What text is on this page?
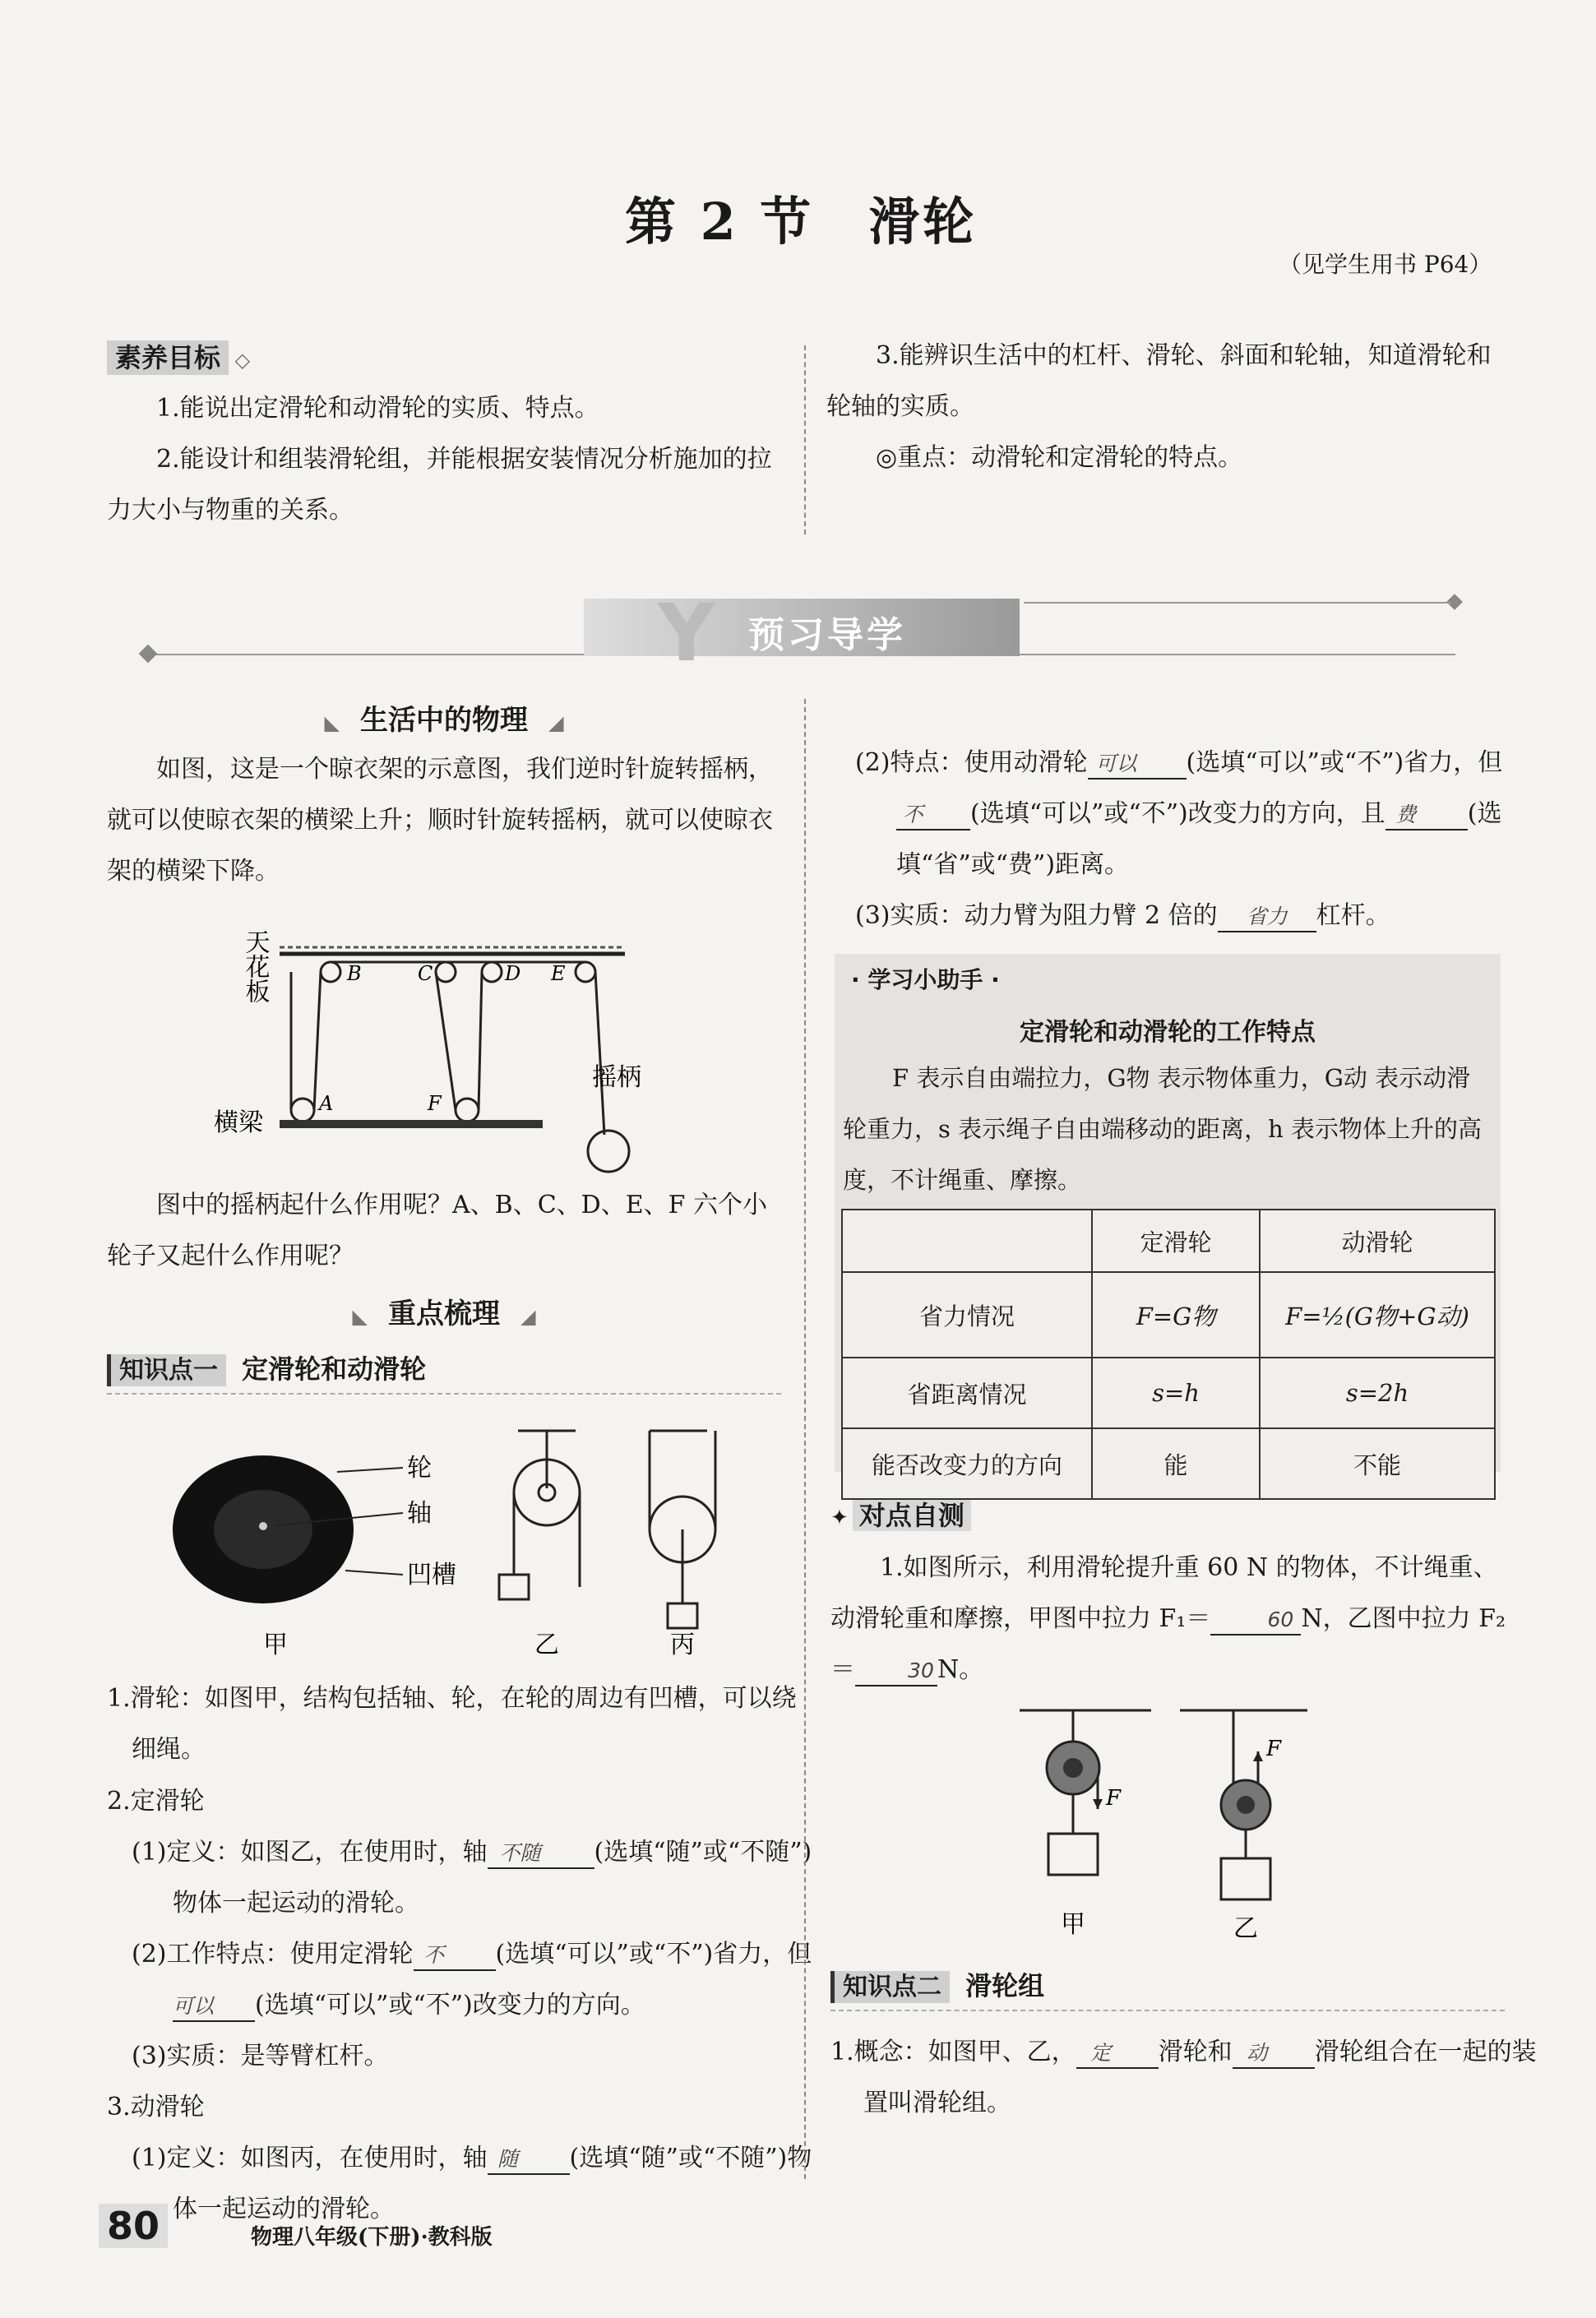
第 2 节　滑轮
（见学生用书 P64）
素养目标 ◇
1.能说出定滑轮和动滑轮的实质、特点。
2.能设计和组装滑轮组，并能根据安装情况分析施加的拉力大小与物重的关系。
3.能辨识生活中的杠杆、滑轮、斜面和轮轴，知道滑轮和轮轴的实质。
◎重点：动滑轮和定滑轮的特点。
Y 预习导学
◣ 生活中的物理 ◢
如图，这是一个晾衣架的示意图，我们逆时针旋转摇柄，就可以使晾衣架的横梁上升；顺时针旋转摇柄，就可以使晾衣架的横梁下降。
天花板
横梁
摇柄
B	C	D E
A	F
图中的摇柄起什么作用呢？A、B、C、D、E、F 六个小轮子又起什么作用呢？
◣ 重点梳理 ◢
知识点一 定滑轮和动滑轮
轮
轴
凹槽
甲	乙	丙
1.滑轮：如图甲，结构包括轴、轮，在轮的周边有凹槽，可以绕细绳。
2.定滑轮
(1)定义：如图乙，在使用时，轴 不随 (选填“随”或“不随”)物体一起运动的滑轮。
(2)工作特点：使用定滑轮 不 (选填“可以”或“不”)省力，但可以 (选填“可以”或“不”)改变力的方向。
(3)实质：是等臂杠杆。
3.动滑轮
(1)定义：如图丙，在使用时，轴 随 (选填“随”或“不随”)物体一起运动的滑轮。
(2)特点：使用动滑轮 可以 (选填“可以”或“不”)省力，但不 (选填“可以”或“不”)改变力的方向，且 费 (选填“省”或“费”)距离。
(3)实质：动力臂为阻力臂 2 倍的 省力 杠杆。
· 学习小助手 ·
定滑轮和动滑轮的工作特点
F 表示自由端拉力，G物 表示物体重力，G动 表示动滑轮重力，s 表示绳子自由端移动的距离，h 表示物体上升的高度，不计绳重、摩擦。
	定滑轮	动滑轮
省力情况	F=G物	F=½(G物+G动)
省距离情况	s=h	s=2h
能否改变力的方向	能	不能
✦ 对点自测
1.如图所示，利用滑轮提升重 60 N 的物体，不计绳重、动滑轮重和摩擦，甲图中拉力 F₁＝	60 N，乙图中拉力 F₂＝	30 N。
F
F
甲	乙
知识点二 滑轮组
1.概念：如图甲、乙， 定 滑轮和 动 滑轮组合在一起的装置叫滑轮组。
80	物理八年级(下册)·教科版
